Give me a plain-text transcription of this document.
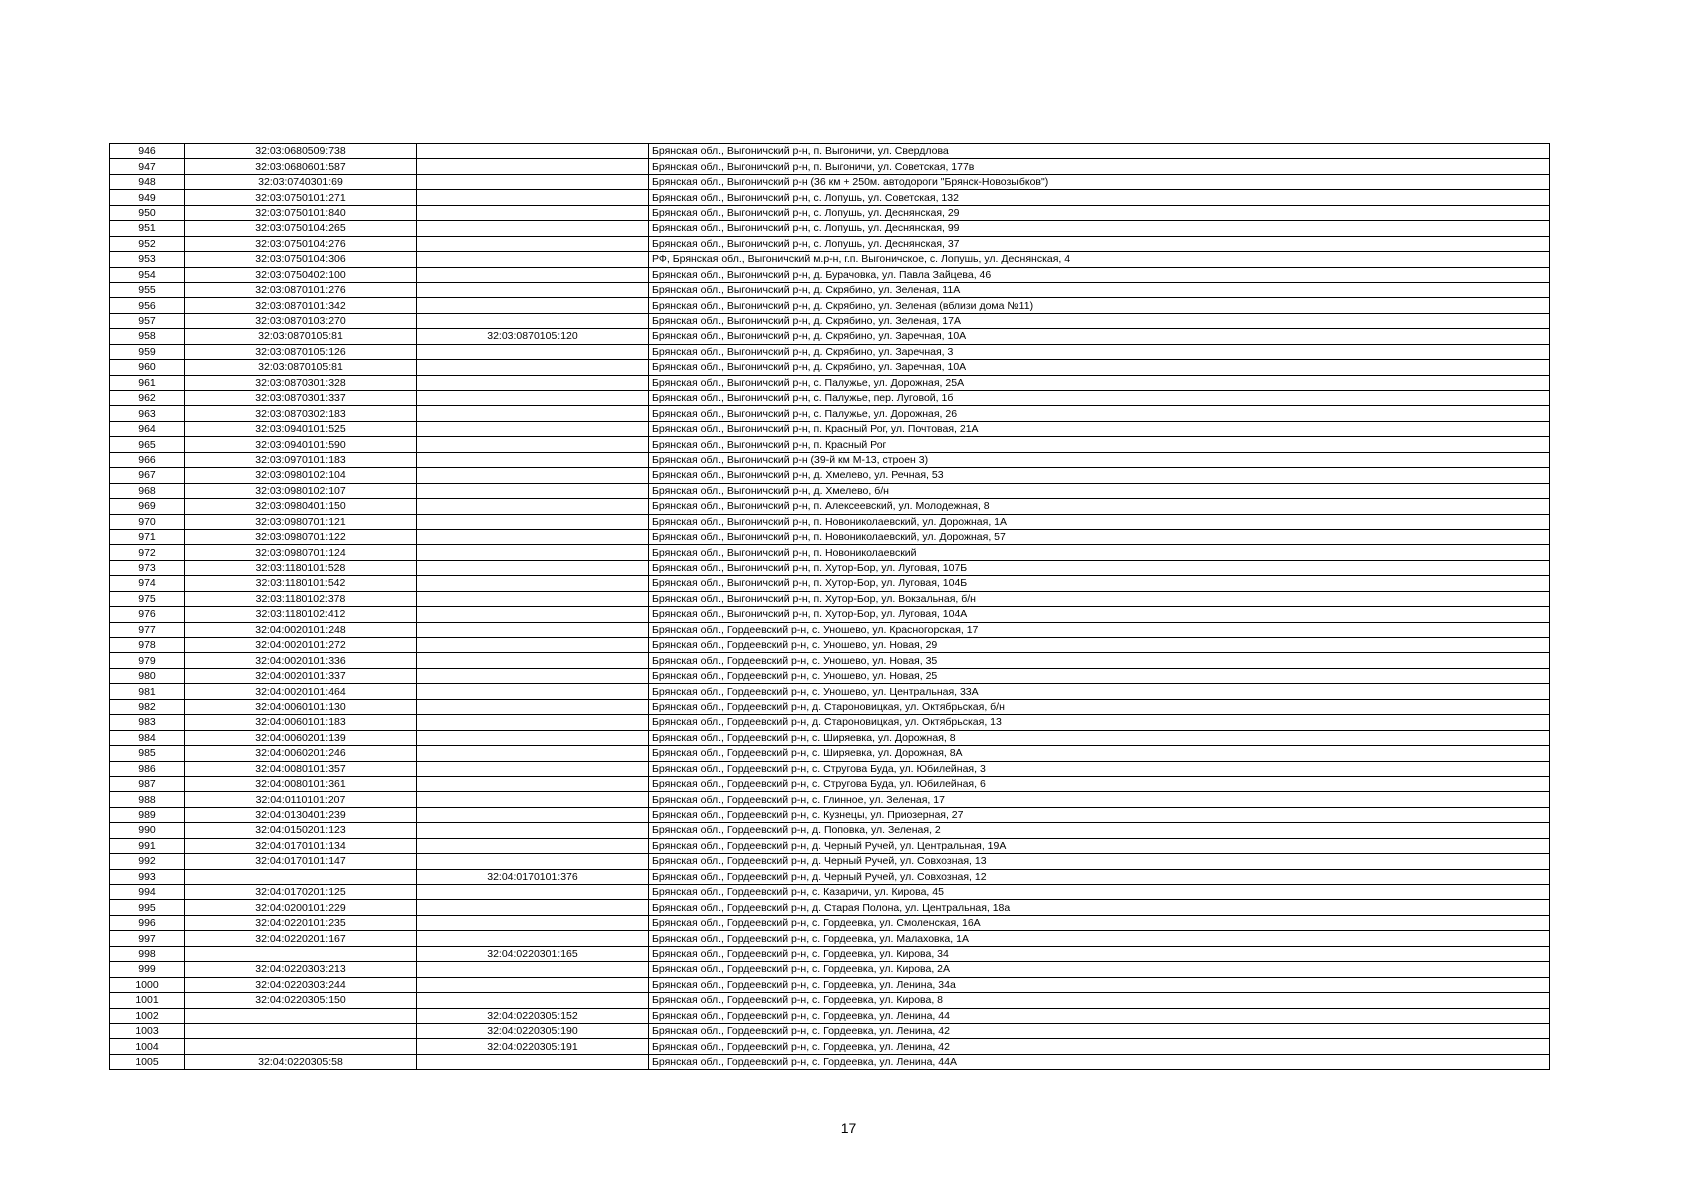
946	32:03:0680509:738		Брянская обл., Выгоничский р-н, п. Выгоничи, ул. Свердлова
947	32:03:0680601:587		Брянская обл., Выгоничский р-н, п. Выгоничи, ул. Советская, 177в
948	32:03:0740301:69		Брянская обл., Выгоничский р-н (36 км + 250м. автодороги "Брянск-Новозыбков")
949	32:03:0750101:271		Брянская обл., Выгоничский р-н, с. Лопушь, ул. Советская, 132
950	32:03:0750101:840		Брянская обл., Выгоничский р-н, с. Лопушь, ул. Деснянская, 29
951	32:03:0750104:265		Брянская обл., Выгоничский р-н, с. Лопушь, ул. Деснянская, 99
952	32:03:0750104:276		Брянская обл., Выгоничский р-н, с. Лопушь, ул. Деснянская, 37
953	32:03:0750104:306		РФ, Брянская обл., Выгоничский м.р-н, г.п. Выгоничское, с. Лопушь, ул. Деснянская, 4
954	32:03:0750402:100		Брянская обл., Выгоничский р-н, д. Бурачовка, ул. Павла Зайцева, 46
955	32:03:0870101:276		Брянская обл., Выгоничский р-н, д. Скрябино, ул. Зеленая, 11А
956	32:03:0870101:342		Брянская обл., Выгоничский р-н, д. Скрябино, ул. Зеленая (вблизи дома №11)
957	32:03:0870103:270		Брянская обл., Выгоничский р-н, д. Скрябино, ул. Зеленая, 17А
958	32:03:0870105:81	32:03:0870105:120	Брянская обл., Выгоничский р-н, д. Скрябино, ул. Заречная, 10А
959	32:03:0870105:126		Брянская обл., Выгоничский р-н, д. Скрябино, ул. Заречная, 3
960	32:03:0870105:81		Брянская обл., Выгоничский р-н, д. Скрябино, ул. Заречная, 10А
961	32:03:0870301:328		Брянская обл., Выгоничский р-н, с. Палужье, ул. Дорожная, 25А
962	32:03:0870301:337		Брянская обл., Выгоничский р-н, с. Палужье, пер. Луговой, 1б
963	32:03:0870302:183		Брянская обл., Выгоничский р-н, с. Палужье, ул. Дорожная, 26
964	32:03:0940101:525		Брянская обл., Выгоничский р-н, п. Красный Рог, ул. Почтовая, 21А
965	32:03:0940101:590		Брянская обл., Выгоничский р-н, п. Красный Рог
966	32:03:0970101:183		Брянская обл., Выгоничский р-н (39-й км М-13, строен 3)
967	32:03:0980102:104		Брянская обл., Выгоничский р-н, д. Хмелево, ул. Речная, 53
968	32:03:0980102:107		Брянская обл., Выгоничский р-н, д. Хмелево, б/н
969	32:03:0980401:150		Брянская обл., Выгоничский р-н, п. Алексеевский, ул. Молодежная, 8
970	32:03:0980701:121		Брянская обл., Выгоничский р-н, п. Новониколаевский, ул. Дорожная, 1А
971	32:03:0980701:122		Брянская обл., Выгоничский р-н, п. Новониколаевский, ул. Дорожная, 57
972	32:03:0980701:124		Брянская обл., Выгоничский р-н, п. Новониколаевский
973	32:03:1180101:528		Брянская обл., Выгоничский р-н, п. Хутор-Бор, ул. Луговая, 107Б
974	32:03:1180101:542		Брянская обл., Выгоничский р-н, п. Хутор-Бор, ул. Луговая, 104Б
975	32:03:1180102:378		Брянская обл., Выгоничский р-н, п. Хутор-Бор, ул. Вокзальная, б/н
976	32:03:1180102:412		Брянская обл., Выгоничский р-н, п. Хутор-Бор, ул. Луговая, 104А
977	32:04:0020101:248		Брянская обл., Гордеевский р-н, с. Уношево, ул. Красногорская, 17
978	32:04:0020101:272		Брянская обл., Гордеевский р-н, с. Уношево, ул. Новая, 29
979	32:04:0020101:336		Брянская обл., Гордеевский р-н, с. Уношево, ул. Новая, 35
980	32:04:0020101:337		Брянская обл., Гордеевский р-н, с. Уношево, ул. Новая, 25
981	32:04:0020101:464		Брянская обл., Гордеевский р-н, с. Уношево, ул. Центральная, 33А
982	32:04:0060101:130		Брянская обл., Гордеевский р-н, д. Староновицкая, ул. Октябрьская, б/н
983	32:04:0060101:183		Брянская обл., Гордеевский р-н, д. Староновицкая, ул. Октябрьская, 13
984	32:04:0060201:139		Брянская обл., Гордеевский р-н, с. Ширяевка, ул. Дорожная, 8
985	32:04:0060201:246		Брянская обл., Гордеевский р-н, с. Ширяевка, ул. Дорожная, 8А
986	32:04:0080101:357		Брянская обл., Гордеевский р-н, с. Стругова Буда, ул. Юбилейная, 3
987	32:04:0080101:361		Брянская обл., Гордеевский р-н, с. Стругова Буда, ул. Юбилейная, 6
988	32:04:0110101:207		Брянская обл., Гордеевский р-н, с. Глинное, ул. Зеленая, 17
989	32:04:0130401:239		Брянская обл., Гордеевский р-н, с. Кузнецы, ул. Приозерная, 27
990	32:04:0150201:123		Брянская обл., Гордеевский р-н, д. Поповка, ул. Зеленая, 2
991	32:04:0170101:134		Брянская обл., Гордеевский р-н, д. Черный Ручей, ул. Центральная, 19А
992	32:04:0170101:147		Брянская обл., Гордеевский р-н, д. Черный Ручей, ул. Совхозная, 13
993		32:04:0170101:376	Брянская обл., Гордеевский р-н, д. Черный Ручей, ул. Совхозная, 12
994	32:04:0170201:125		Брянская обл., Гордеевский р-н, с. Казаричи, ул. Кирова, 45
995	32:04:0200101:229		Брянская обл., Гордеевский р-н, д. Старая Полона, ул. Центральная, 18а
996	32:04:0220101:235		Брянская обл., Гордеевский р-н, с. Гордеевка, ул. Смоленская, 16А
997	32:04:0220201:167		Брянская обл., Гордеевский р-н, с. Гордеевка, ул. Малаховка, 1А
998		32:04:0220301:165	Брянская обл., Гордеевский р-н, с. Гордеевка, ул. Кирова, 34
999	32:04:0220303:213		Брянская обл., Гордеевский р-н, с. Гордеевка, ул. Кирова, 2А
1000	32:04:0220303:244		Брянская обл., Гордеевский р-н, с. Гордеевка, ул. Ленина, 34а
1001	32:04:0220305:150		Брянская обл., Гордеевский р-н, с. Гордеевка, ул. Кирова, 8
1002		32:04:0220305:152	Брянская обл., Гордеевский р-н, с. Гордеевка, ул. Ленина, 44
1003		32:04:0220305:190	Брянская обл., Гордеевский р-н, с. Гордеевка, ул. Ленина, 42
1004		32:04:0220305:191	Брянская обл., Гордеевский р-н, с. Гордеевка, ул. Ленина, 42
1005	32:04:0220305:58		Брянская обл., Гордеевский р-н, с. Гордеевка, ул. Ленина, 44А
17
